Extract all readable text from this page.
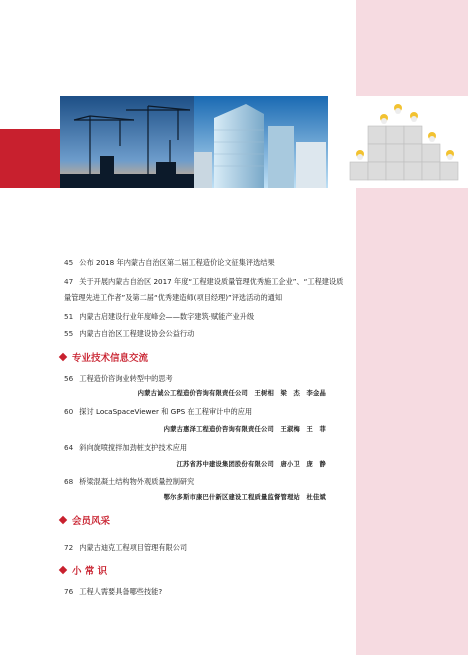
45 公布 2018 年内蒙古自治区第二届工程造价论文征集评选结果
47 关于开展内蒙古自治区 2017 年度“工程建设质量管理优秀施工企业”、“工程建设质量管理先进工作者”及第二届“优秀建造师(项目经理)”评选活动的通知
51 内蒙古启建设行业年度峰会——数字建筑·赋能产业升级
55 内蒙古自治区工程建设协会公益行动
专业技术信息交流
56 工程造价咨询业转型中的思考
内蒙古诚公工程造价咨询有限责任公司　王树相　梁　杰　李金晶
60 探讨 LocaSpaceViewer 和 GPS 在工程审计中的应用
内蒙古惠泽工程造价咨询有限责任公司　王淑梅　王　菲
64 斜向旋喷搅拌加劲桩支护技术应用
江苏省苏中建设集团股份有限公司　唐小卫　庞　静
68 桥梁混凝土结构物外观质量控制研究
鄂尔多斯市康巴什新区建设工程质量监督管理站　杜佳斌
会员风采
72 内蒙古迪克工程项目管理有限公司
小 常 识
76 工程人需要具备哪些技能?
